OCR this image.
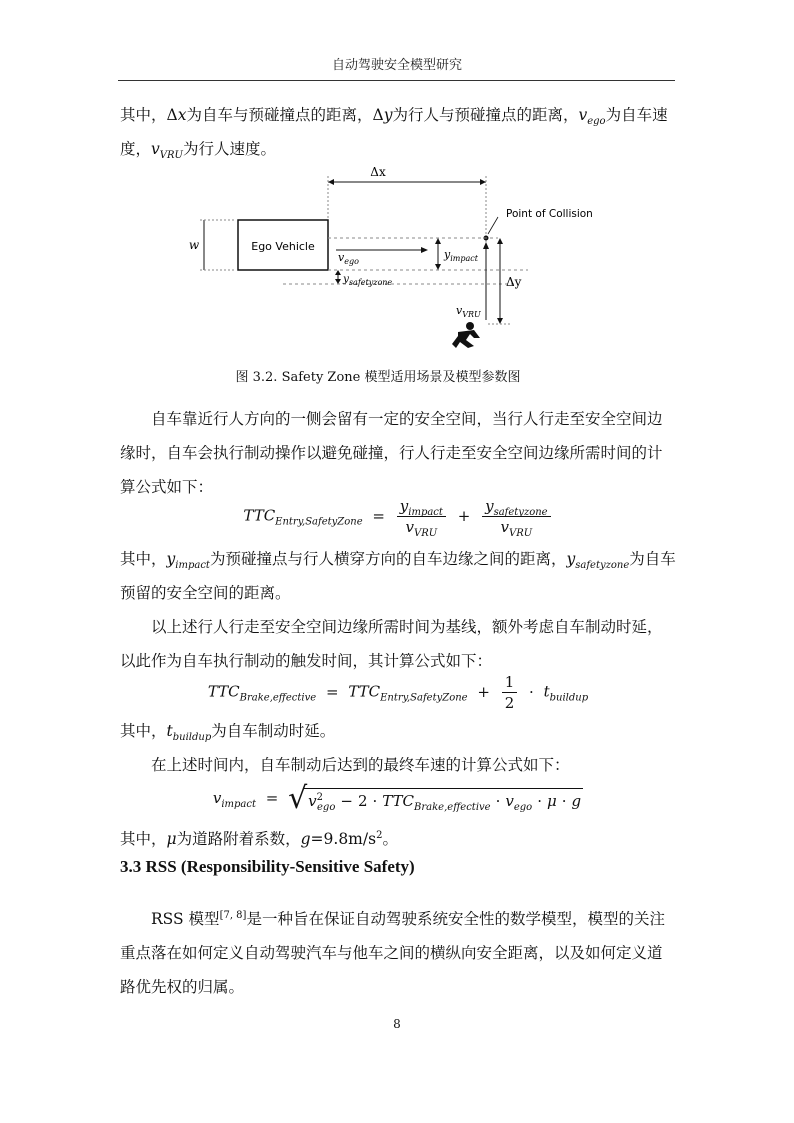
自动驾驶安全模型研究
其中，Δx为自车与预碰撞点的距离，Δy为行人与预碰撞点的距离，$v_{ego}$为自车速度，$v_{VRU}$为行人速度。
Ego Vehicle
w
Δx
Point of Collision
$v_{ego}$
$y_{impact}$
$y_{safetyzone}$	Δy
$v_{VRU}$
图 3.2. Safety Zone 模型适用场景及模型参数图
自车靠近行人方向的一侧会留有一定的安全空间，当行人行走至安全空间边缘时，自车会执行制动操作以避免碰撞，行人行走至安全空间边缘所需时间的计算公式如下：
$TTC_{Entry,SafetyZone} = \frac{y_{impact}}{v_{VRU}} + \frac{y_{safetyzone}}{v_{VRU}}$
其中，$y_{impact}$为预碰撞点与行人横穿方向的自车边缘之间的距离，$y_{safetyzone}$为自车预留的安全空间的距离。
以上述行人行走至安全空间边缘所需时间为基线，额外考虑自车制动时延，以此作为自车执行制动的触发时间，其计算公式如下：
$TTC_{Brake,effective} = TTC_{Entry,SafetyZone} + \frac{1}{2} \cdot t_{buildup}$
其中，$t_{buildup}$为自车制动时延。
在上述时间内，自车制动后达到的最终车速的计算公式如下：
$v_{impact}$ = √ $v^2_{ego} - 2 \cdot TTC_{Brake,effective} \cdot v_{ego} \cdot \mu \cdot g$
其中，μ为道路附着系数，$g=9.8m/s^2$。
3.3 RSS (Responsibility-Sensitive Safety)
RSS 模型[7, 8]是一种旨在保证自动驾驶系统安全性的数学模型，模型的关注重点落在如何定义自动驾驶汽车与他车之间的横纵向安全距离，以及如何定义道路优先权的归属。
8
